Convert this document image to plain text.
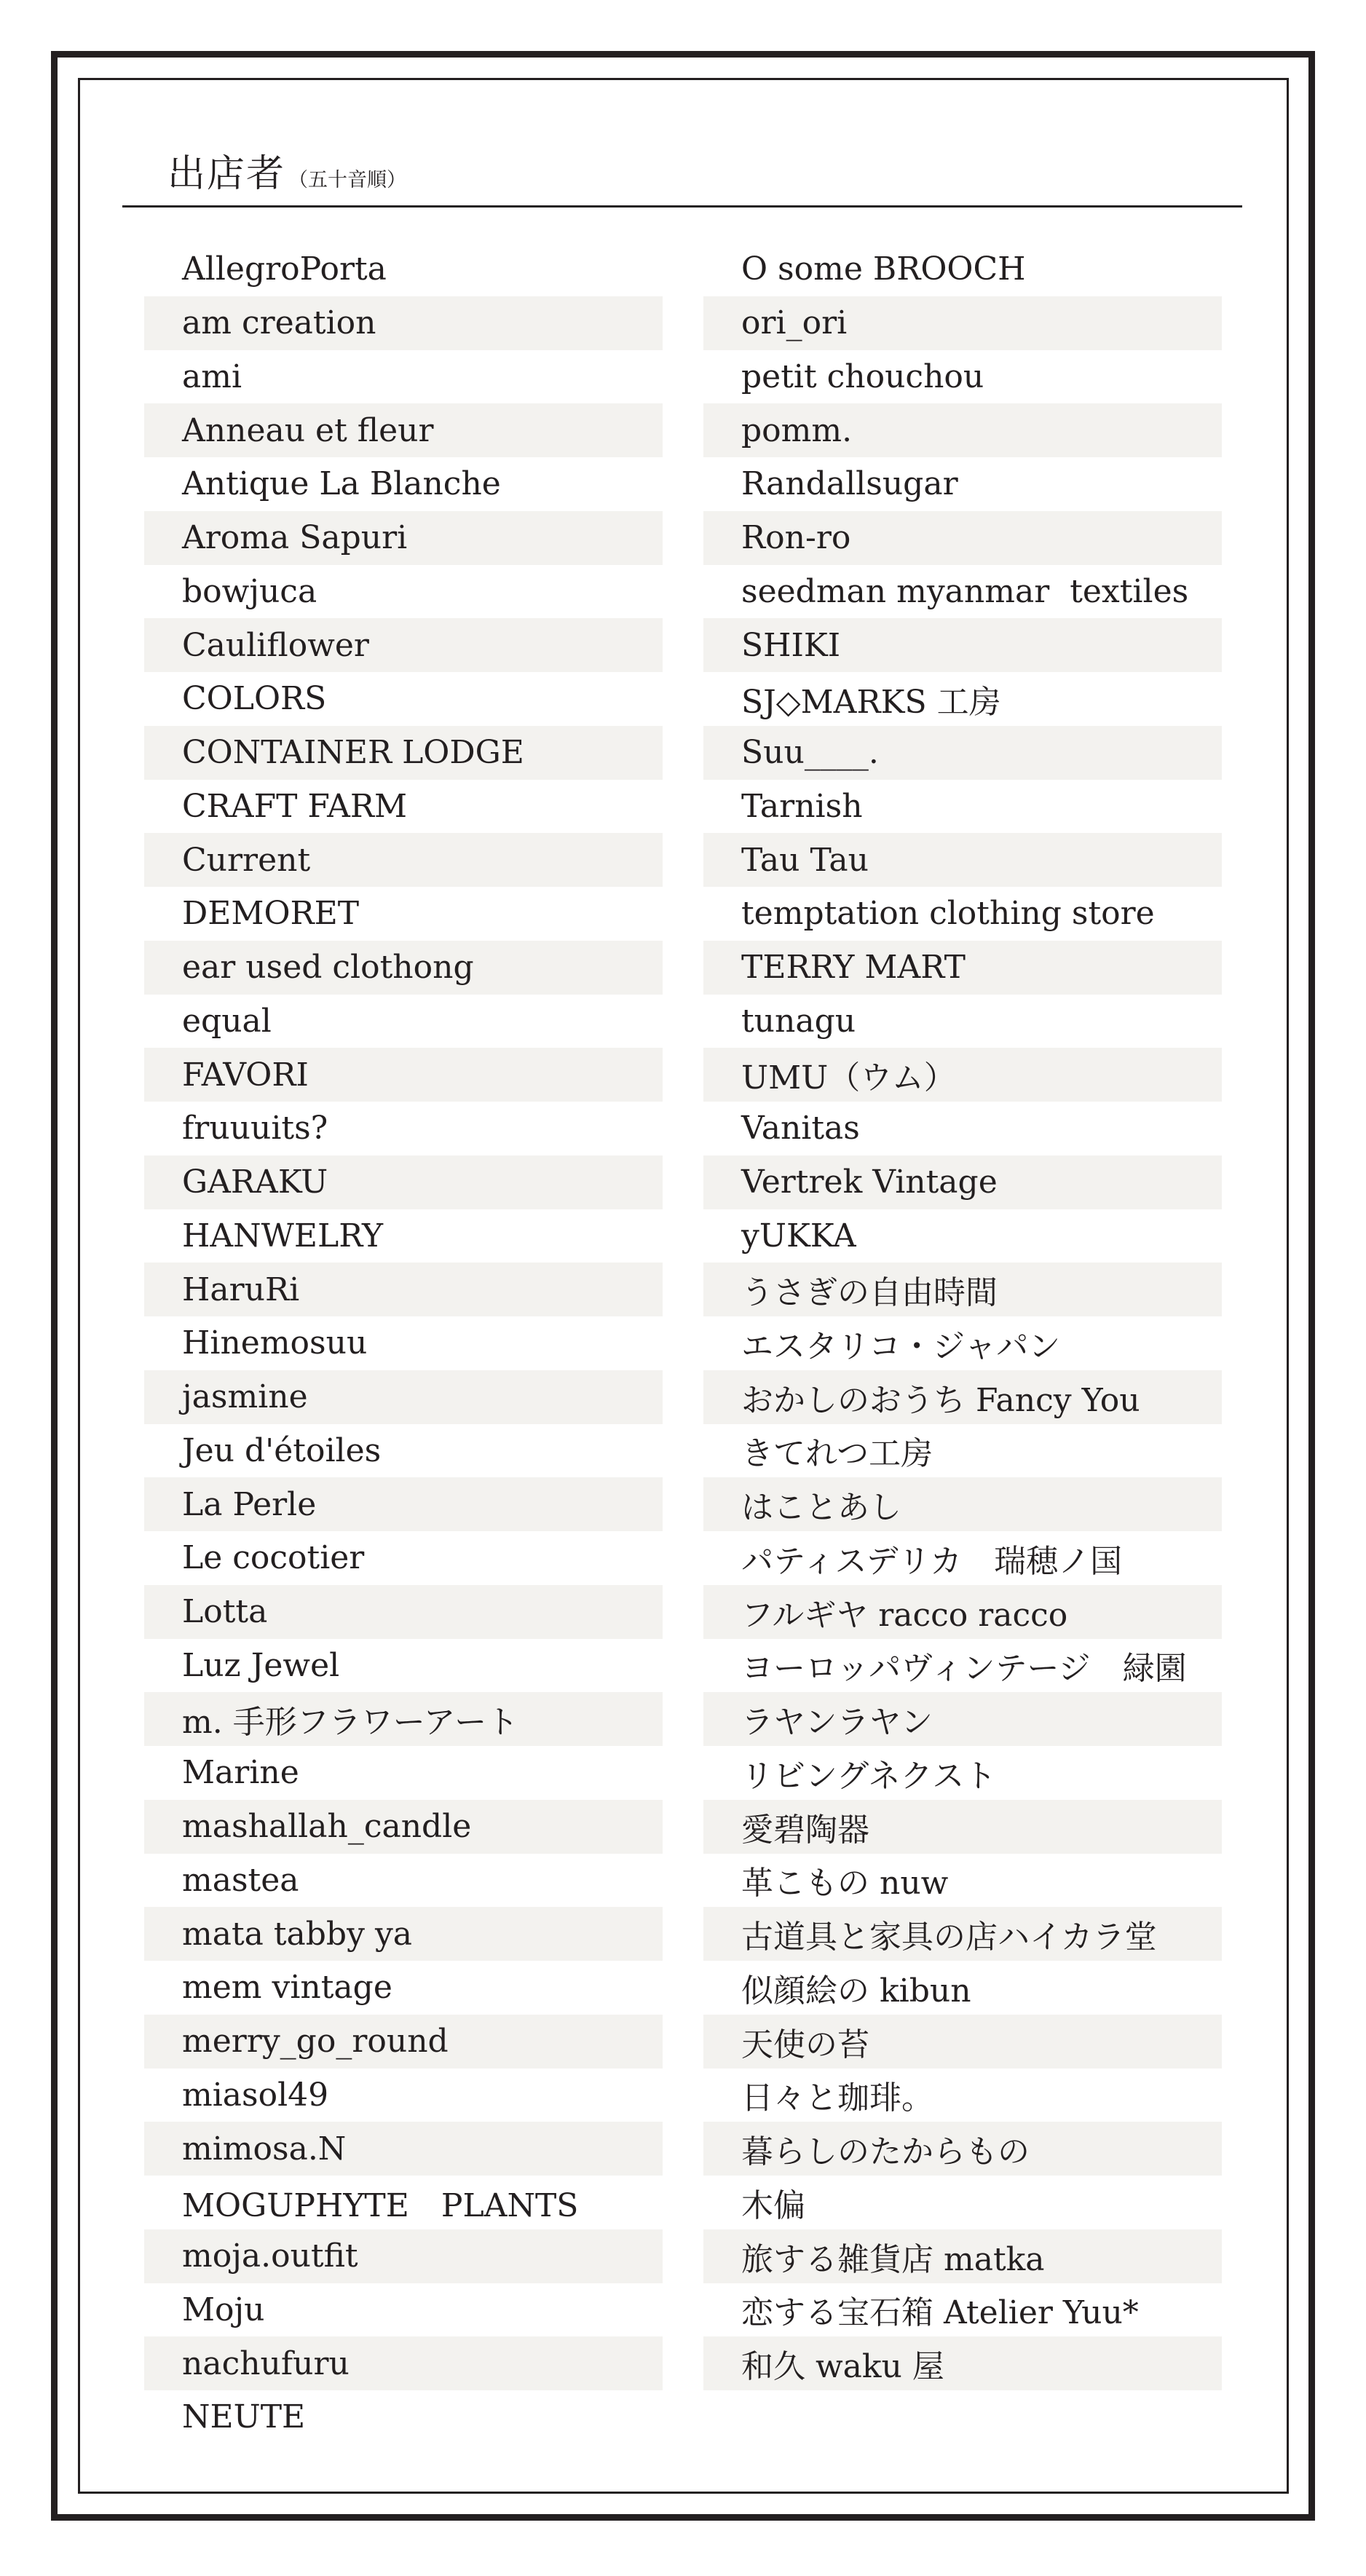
出店者 （五十音順）
AllegroPorta
am creation
ami
Anneau et fleur
Antique La Blanche
Aroma Sapuri
bowjuca
Cauliflower
COLORS
CONTAINER LODGE
CRAFT FARM
Current
DEMORET
ear used clothong
equal
FAVORI
fruuuits?
GARAKU
HANWELRY
HaruRi
Hinemosuu
jasmine
Jeu d'étoiles
La Perle
Le cocotier
Lotta
Luz Jewel
m. 手形フラワーアート
Marine
mashallah_candle
mastea
mata tabby ya
mem vintage
merry_go_round
miasol49
mimosa.N
MOGUPHYTE　PLANTS
moja.outfit
Moju
nachufuru
NEUTE
O some BROOCH
ori_ori
petit chouchou
pomm.
Randallsugar
Ron-ro
seedman myanmar  textiles
SHIKI
SJ◇MARKS 工房
Suu____.
Tarnish
Tau Tau
temptation clothing store
TERRY MART
tunagu
UMU（ウム）
Vanitas
Vertrek Vintage
yUKKA
うさぎの自由時間
エスタリコ・ジャパン
おかしのおうち Fancy You
きてれつ工房
はことあし
パティスデリカ　瑞穂ノ国
フルギヤ racco racco
ヨーロッパヴィンテージ　緑園
ラヤンラヤン
リビングネクスト
愛碧陶器
革こもの nuw
古道具と家具の店ハイカラ堂
似顔絵の kibun
天使の苔
日々と珈琲。
暮らしのたからもの
木偏
旅する雑貨店 matka
恋する宝石箱 Atelier Yuu*
和久 waku 屋
